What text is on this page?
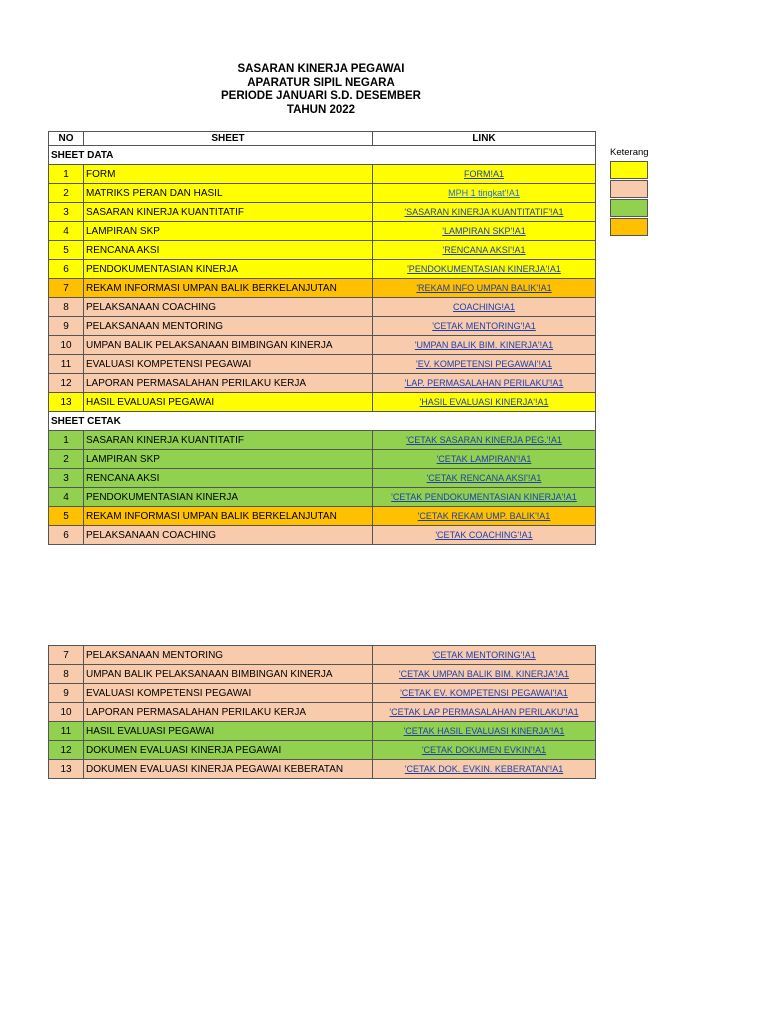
SASARAN KINERJA PEGAWAI
APARATUR SIPIL NEGARA
PERIODE JANUARI S.D. DESEMBER
TAHUN 2022
NO	SHEET	LINK
SHEET DATA		
1	FORM	FORM!A1
2	MATRIKS PERAN DAN HASIL	MPH 1 tingkat'!A1
3	SASARAN KINERJA KUANTITATIF	'SASARAN KINERJA KUANTITATIF'!A1
4	LAMPIRAN SKP	'LAMPIRAN SKP'!A1
5	RENCANA AKSI	'RENCANA AKSI'!A1
6	PENDOKUMENTASIAN KINERJA	'PENDOKUMENTASIAN KINERJA'!A1
7	REKAM INFORMASI UMPAN BALIK BERKELANJUTAN	'REKAM INFO UMPAN BALIK'!A1
8	PELAKSANAAN COACHING	COACHING!A1
9	PELAKSANAAN MENTORING	'CETAK MENTORING'!A1
10	UMPAN BALIK PELAKSANAAN BIMBINGAN KINERJA	'UMPAN BALIK BIM. KINERJA'!A1
11	EVALUASI KOMPETENSI PEGAWAI	'EV. KOMPETENSI PEGAWAI'!A1
12	LAPORAN PERMASALAHAN PERILAKU KERJA	'LAP. PERMASALAHAN PERILAKU'!A1
13	HASIL EVALUASI PEGAWAI	'HASIL EVALUASI KINERJA'!A1
SHEET CETAK		
1	SASARAN KINERJA KUANTITATIF	'CETAK SASARAN KINERJA PEG.'!A1
2	LAMPIRAN SKP	'CETAK LAMPIRAN'!A1
3	RENCANA AKSI	'CETAK RENCANA AKSI'!A1
4	PENDOKUMENTASIAN KINERJA	'CETAK PENDOKUMENTASIAN KINERJA'!A1
5	REKAM INFORMASI UMPAN BALIK BERKELANJUTAN	'CETAK REKAM UMP. BALIK'!A1
6	PELAKSANAAN COACHING	'CETAK COACHING'!A1
7	PELAKSANAAN MENTORING	'CETAK MENTORING'!A1
8	UMPAN BALIK PELAKSANAAN BIMBINGAN KINERJA	'CETAK UMPAN BALIK BIM. KINERJA'!A1
9	EVALUASI KOMPETENSI PEGAWAI	'CETAK EV. KOMPETENSI PEGAWAI'!A1
10	LAPORAN PERMASALAHAN PERILAKU KERJA	'CETAK LAP PERMASALAHAN PERILAKU'!A1
11	HASIL EVALUASI PEGAWAI	'CETAK HASIL EVALUASI KINERJA'!A1
12	DOKUMEN EVALUASI KINERJA PEGAWAI	'CETAK DOKUMEN EVKIN'!A1
13	DOKUMEN EVALUASI KINERJA PEGAWAI KEBERATAN	'CETAK DOK. EVKIN. KEBERATAN'!A1
Keterang
